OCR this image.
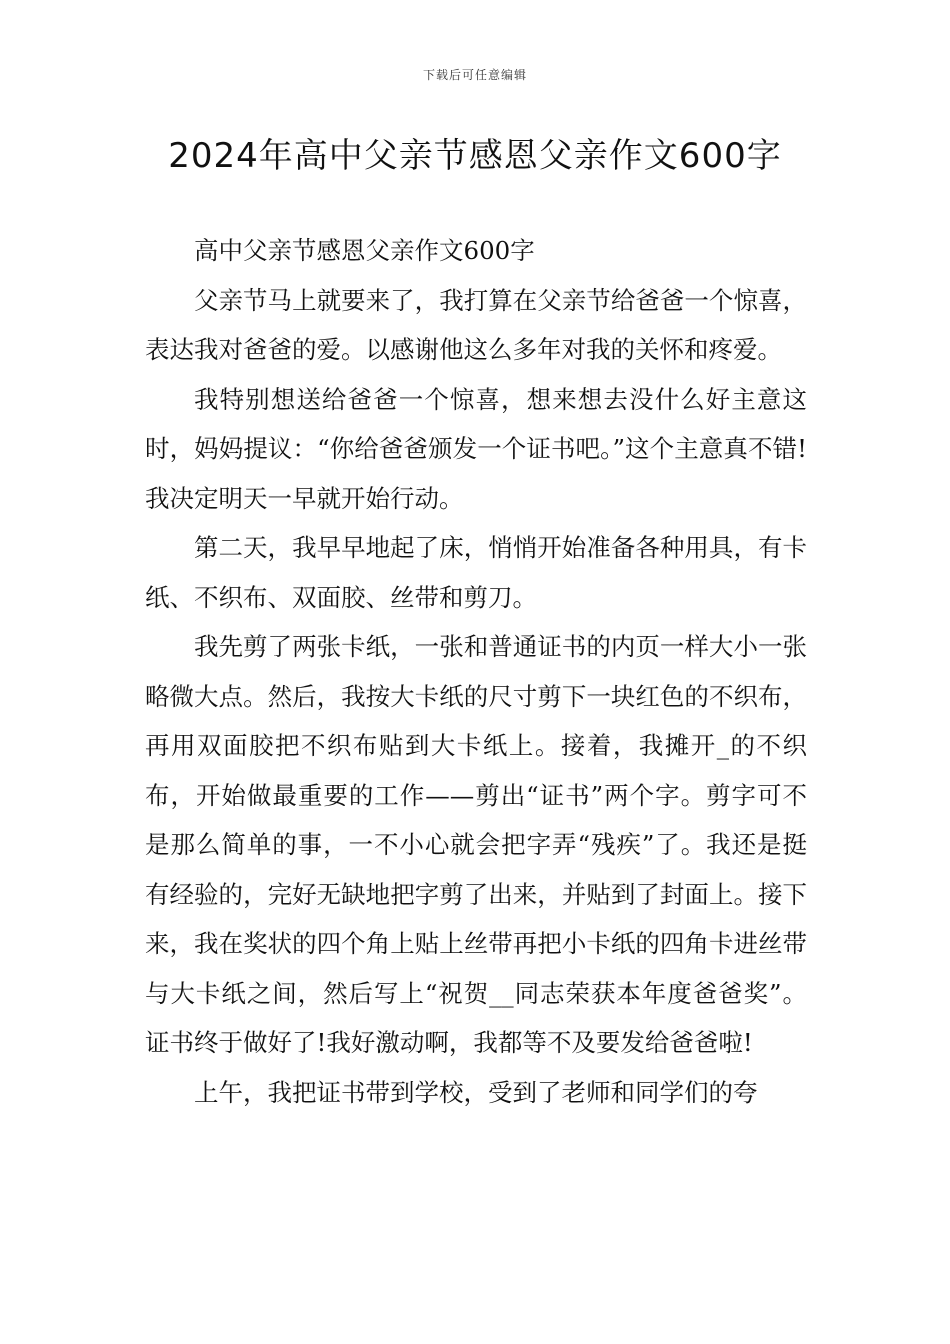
下载后可任意编辑
2024年高中父亲节感恩父亲作文600字

高中父亲节感恩父亲作文600字

父亲节马上就要来了，我打算在父亲节给爸爸一个惊喜，表达我对爸爸的爱。以感谢他这么多年对我的关怀和疼爱。

我特别想送给爸爸一个惊喜，想来想去没什么好主意这时，妈妈提议：“你给爸爸颁发一个证书吧。”这个主意真不错!我决定明天一早就开始行动。

第二天，我早早地起了床，悄悄开始准备各种用具，有卡纸、不织布、双面胶、丝带和剪刀。

我先剪了两张卡纸，一张和普通证书的内页一样大小一张略微大点。然后，我按大卡纸的尺寸剪下一块红色的不织布，再用双面胶把不织布贴到大卡纸上。接着，我摊开_的不织布，开始做最重要的工作——剪出“证书”两个字。剪字可不是那么简单的事，一不小心就会把字弄“残疾”了。我还是挺有经验的，完好无缺地把字剪了出来，并贴到了封面上。接下来，我在奖状的四个角上贴上丝带再把小卡纸的四角卡进丝带与大卡纸之间，然后写上“祝贺__同志荣获本年度爸爸奖”。证书终于做好了!我好激动啊，我都等不及要发给爸爸啦!

上午，我把证书带到学校，受到了老师和同学们的夸
